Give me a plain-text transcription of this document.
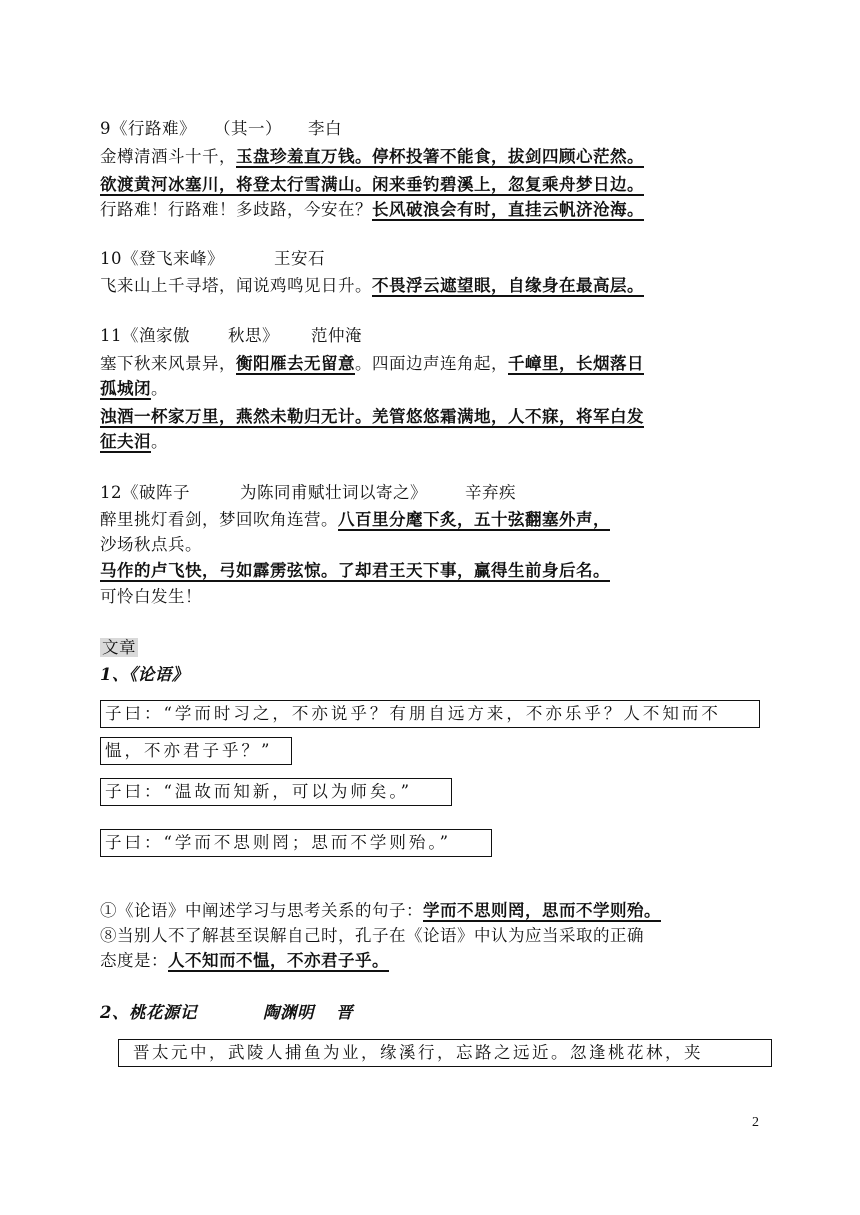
9《行路难》 （其一） 李白
金樽清酒斗十千，玉盘珍羞直万钱。停杯投箸不能食，拔剑四顾心茫然。
欲渡黄河冰塞川，将登太行雪满山。闲来垂钓碧溪上，忽复乘舟梦日边。
行路难！行路难！多歧路，今安在？长风破浪会有时，直挂云帆济沧海。
10《登飞来峰》	王安石
飞来山上千寻塔，闻说鸡鸣见日升。不畏浮云遮望眼，自缘身在最高层。
11《渔家傲 秋思》 范仲淹
塞下秋来风景异，衡阳雁去无留意。四面边声连角起，千嶂里，长烟落日
孤城闭。
浊酒一杯家万里，燕然未勒归无计。羌管悠悠霜满地，人不寐，将军白发
征夫泪。
12《破阵子	为陈同甫赋壮词以寄之》 辛弃疾
醉里挑灯看剑，梦回吹角连营。八百里分麾下炙，五十弦翻塞外声，
沙场秋点兵。
马作的卢飞快，弓如霹雳弦惊。了却君王天下事，赢得生前身后名。
可怜白发生！
文章
1、《论语》
子曰：“学而时习之，不亦说乎？有朋自远方来，不亦乐乎？人不知而不
愠，不亦君子乎？”
子曰：“温故而知新，可以为师矣。”
子曰：“学而不思则罔；思而不学则殆。”
①《论语》中阐述学习与思考关系的句子：学而不思则罔，思而不学则殆。
⑧当别人不了解甚至误解自己时，孔子在《论语》中认为应当采取的正确
态度是：人不知而不愠，不亦君子乎。
2、桃花源记	陶渊明 晋
晋太元中，武陵人捕鱼为业，缘溪行，忘路之远近。忽逢桃花林，夹
2
